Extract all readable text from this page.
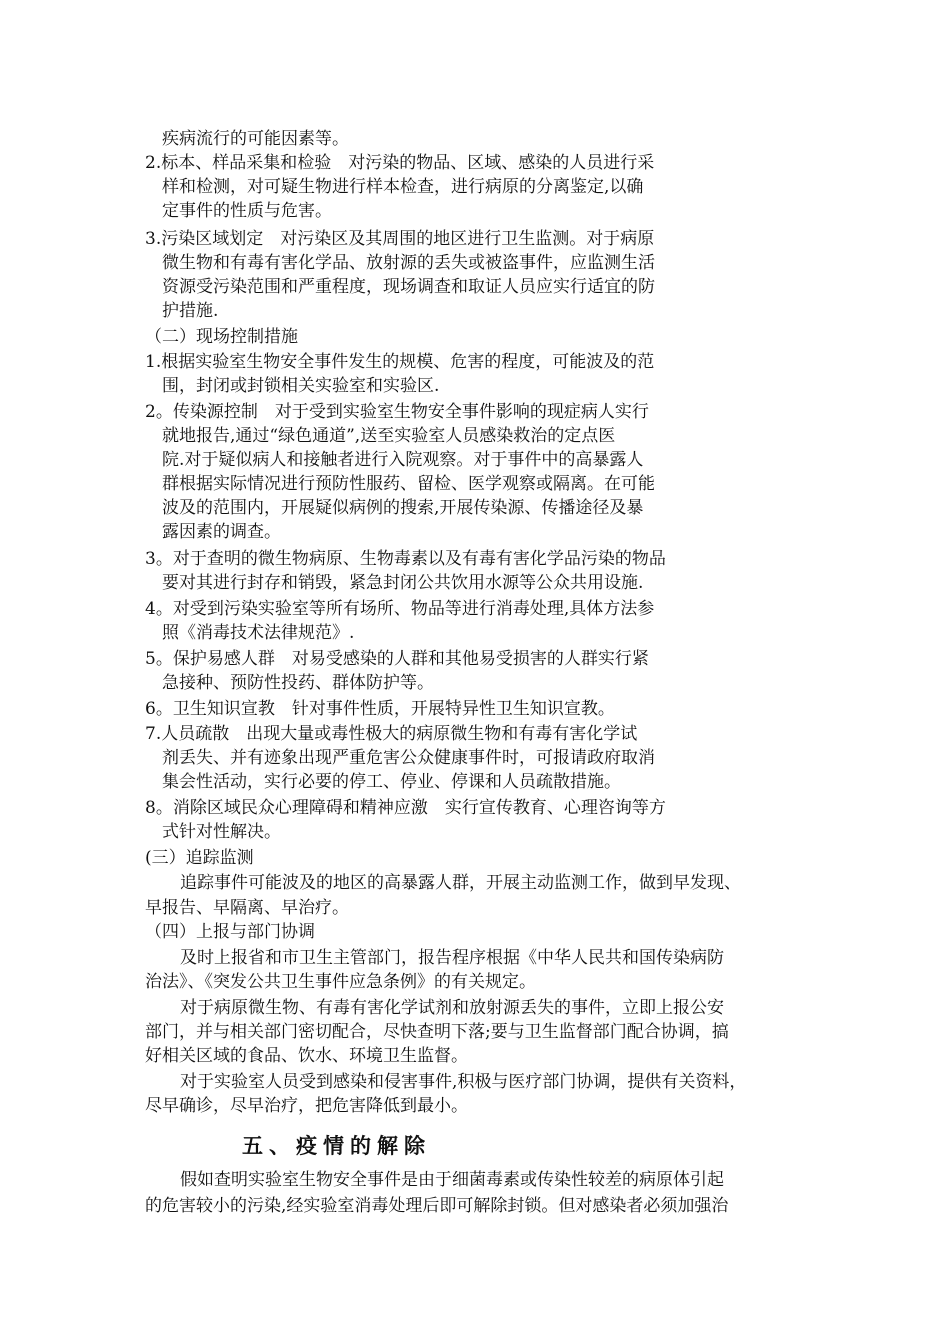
疾病流行的可能因素等。
2.标本、样品采集和检验　对污染的物品、区域、感染的人员进行采
样和检测，对可疑生物进行样本检查，进行病原的分离鉴定,以确
定事件的性质与危害。
3.污染区域划定　对污染区及其周围的地区进行卫生监测。对于病原
微生物和有毒有害化学品、放射源的丢失或被盗事件，应监测生活
资源受污染范围和严重程度，现场调查和取证人员应实行适宜的防
护措施.
（二）现场控制措施
1.根据实验室生物安全事件发生的规模、危害的程度，可能波及的范
围，封闭或封锁相关实验室和实验区.
2。传染源控制　对于受到实验室生物安全事件影响的现症病人实行
就地报告,通过“绿色通道”,送至实验室人员感染救治的定点医
院.对于疑似病人和接触者进行入院观察。对于事件中的高暴露人
群根据实际情况进行预防性服药、留检、医学观察或隔离。在可能
波及的范围内，开展疑似病例的搜索,开展传染源、传播途径及暴
露因素的调查。
3。对于查明的微生物病原、生物毒素以及有毒有害化学品污染的物品
要对其进行封存和销毁，紧急封闭公共饮用水源等公众共用设施.
4。对受到污染实验室等所有场所、物品等进行消毒处理,具体方法参
照《消毒技术法律规范》.
5。保护易感人群　对易受感染的人群和其他易受损害的人群实行紧
急接种、预防性投药、群体防护等。
6。卫生知识宣教　针对事件性质，开展特异性卫生知识宣教。
7.人员疏散　出现大量或毒性极大的病原微生物和有毒有害化学试
剂丢失、并有迹象出现严重危害公众健康事件时，可报请政府取消
集会性活动，实行必要的停工、停业、停课和人员疏散措施。
8。消除区域民众心理障碍和精神应激　实行宣传教育、心理咨询等方
式针对性解决。
(三）追踪监测
追踪事件可能波及的地区的高暴露人群，开展主动监测工作，做到早发现、
早报告、早隔离、早治疗。
（四）上报与部门协调
及时上报省和市卫生主管部门，报告程序根据《中华人民共和国传染病防
治法》、《突发公共卫生事件应急条例》的有关规定。
对于病原微生物、有毒有害化学试剂和放射源丢失的事件，立即上报公安
部门，并与相关部门密切配合，尽快查明下落;要与卫生监督部门配合协调，搞
好相关区域的食品、饮水、环境卫生监督。
对于实验室人员受到感染和侵害事件,积极与医疗部门协调，提供有关资料，
尽早确诊，尽早治疗，把危害降低到最小。
五、疫情的解除
假如查明实验室生物安全事件是由于细菌毒素或传染性较差的病原体引起
的危害较小的污染,经实验室消毒处理后即可解除封锁。但对感染者必须加强治
